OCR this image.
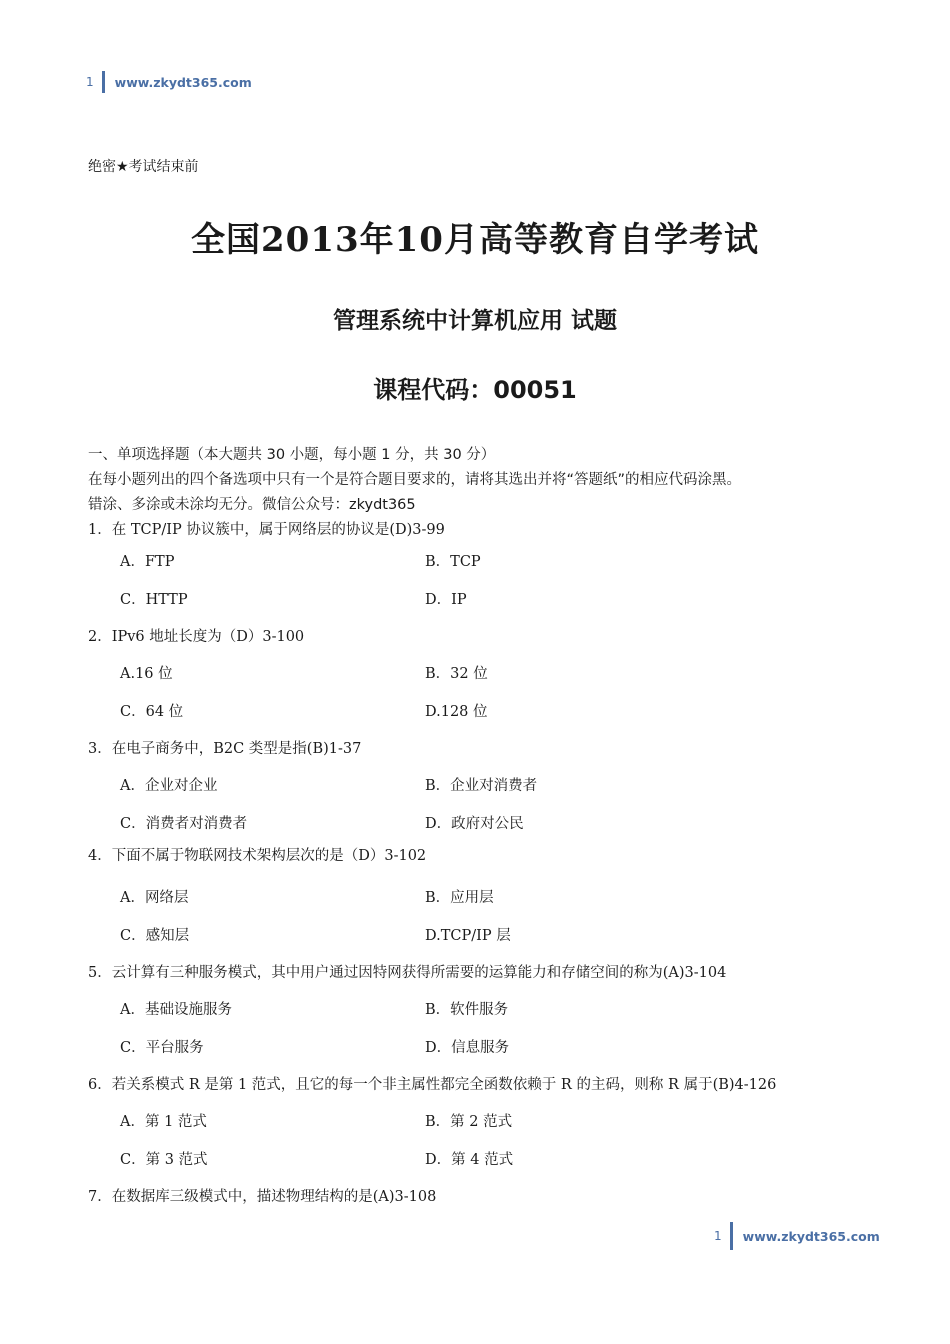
1 www.zkydt365.com
绝密★考试结束前
全国2013年10月高等教育自学考试
管理系统中计算机应用 试题
课程代码：00051
一、单项选择题（本大题共 30 小题，每小题 1 分，共 30 分）
在每小题列出的四个备选项中只有一个是符合题目要求的，请将其选出并将“答题纸”的相应代码涂黑。
错涂、多涂或未涂均无分。微信公众号：zkydt365
1．在 TCP/IP 协议簇中，属于网络层的协议是(D)3-99
A．FTP	B．TCP
C．HTTP	D．IP
2．IPv6 地址长度为（D）3-100
A.16 位	B．32 位
C．64 位	D.128 位
3．在电子商务中，B2C 类型是指(B)1-37
A．企业对企业	B．企业对消费者
C．消费者对消费者	D．政府对公民
4．下面不属于物联网技术架构层次的是（D）3-102
A．网络层	B．应用层
C．感知层	D.TCP/IP 层
5．云计算有三种服务模式，其中用户通过因特网获得所需要的运算能力和存储空间的称为(A)3-104
A．基础设施服务	B．软件服务
C．平台服务	D．信息服务
6．若关系模式 R 是第 1 范式，且它的每一个非主属性都完全函数依赖于 R 的主码，则称 R 属于(B)4-126
A．第 1 范式	B．第 2 范式
C．第 3 范式	D．第 4 范式
7．在数据库三级模式中，描述物理结构的是(A)3-108
1 www.zkydt365.com
